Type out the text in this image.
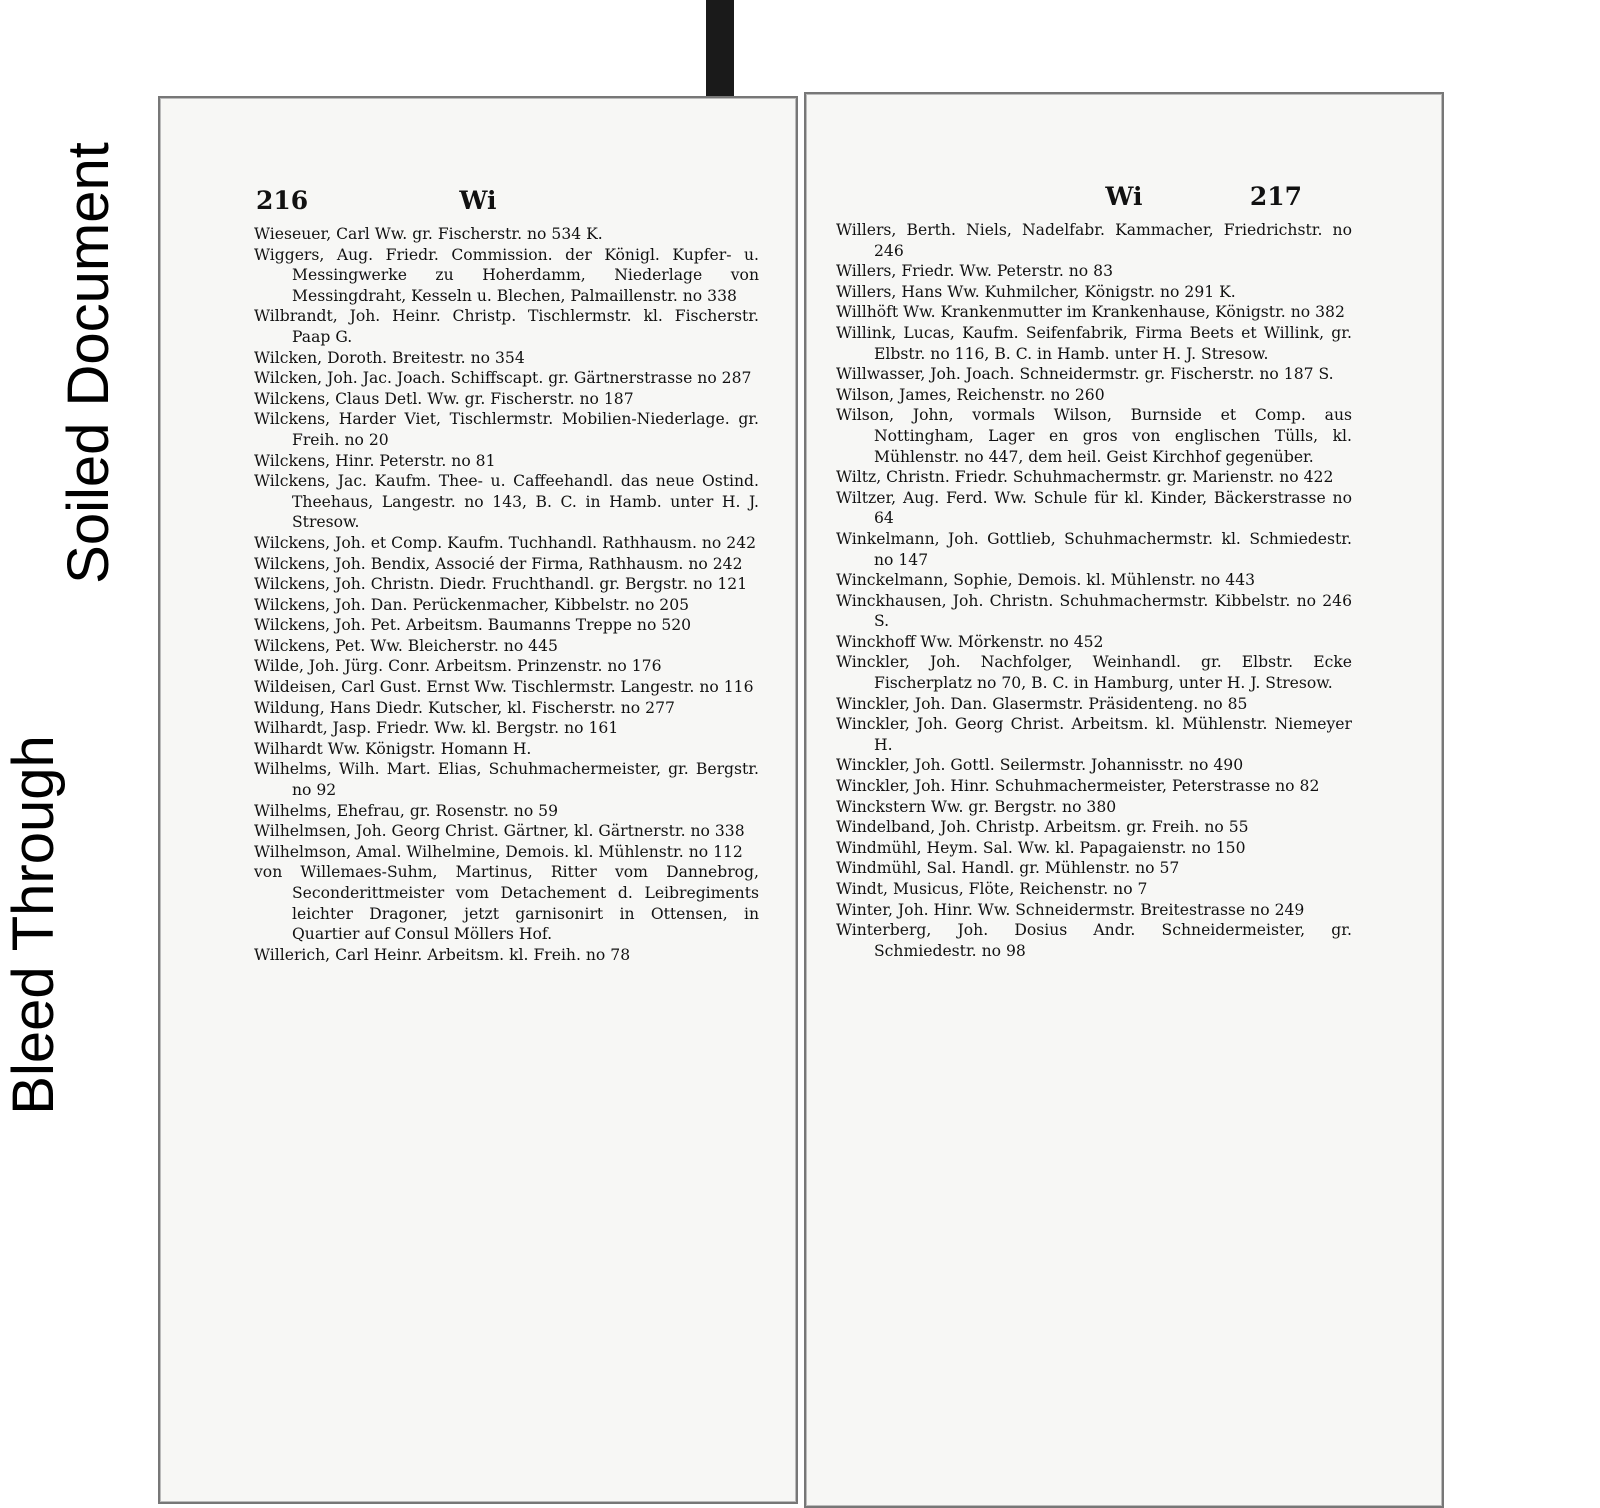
Soiled Document
Bleed Through
Wi
216

Wieseuer, Carl Ww. gr. Fischerstr. no 534 K.

Wiggers, Aug. Friedr. Commission. der Königl. Kupfer- u. Messingwerke zu Hoherdamm, Niederlage von Messingdraht, Kesseln u. Blechen, Palmaillenstr. no 338

Wilbrandt, Joh. Heinr. Christp. Tischlermstr. kl. Fischerstr. Paap G.

Wilcken, Doroth. Breitestr. no 354

Wilcken, Joh. Jac. Joach. Schiffscapt. gr. Gärtnerstrasse no 287

Wilckens, Claus Detl. Ww. gr. Fischerstr. no 187

Wilckens, Harder Viet, Tischlermstr. Mobilien-Niederlage. gr. Freih. no 20

Wilckens, Hinr. Peterstr. no 81

Wilckens, Jac. Kaufm. Thee- u. Caffeehandl. das neue Ostind. Theehaus, Langestr. no 143, B. C. in Hamb. unter H. J. Stresow.

Wilckens, Joh. et Comp. Kaufm. Tuchhandl. Rathhausm. no 242

Wilckens, Joh. Bendix, Associé der Firma, Rathhausm. no 242

Wilckens, Joh. Christn. Diedr. Fruchthandl. gr. Bergstr. no 121

Wilckens, Joh. Dan. Perückenmacher, Kibbelstr. no 205

Wilckens, Joh. Pet. Arbeitsm. Baumanns Treppe no 520

Wilckens, Pet. Ww. Bleicherstr. no 445

Wilde, Joh. Jürg. Conr. Arbeitsm. Prinzenstr. no 176

Wildeisen, Carl Gust. Ernst Ww. Tischlermstr. Langestr. no 116

Wildung, Hans Diedr. Kutscher, kl. Fischerstr. no 277

Wilhardt, Jasp. Friedr. Ww. kl. Bergstr. no 161

Wilhardt Ww. Königstr. Homann H.

Wilhelms, Wilh. Mart. Elias, Schuhmachermeister, gr. Bergstr. no 92

Wilhelms, Ehefrau, gr. Rosenstr. no 59

Wilhelmsen, Joh. Georg Christ. Gärtner, kl. Gärtnerstr. no 338

Wilhelmson, Amal. Wilhelmine, Demois. kl. Mühlenstr. no 112

von Willemaes-Suhm, Martinus, Ritter vom Dannebrog, Seconderittmeister vom Detachement d. Leibregiments leichter Dragoner, jetzt garnisonirt in Ottensen, in Quartier auf Consul Möllers Hof.

Willerich, Carl Heinr. Arbeitsm. kl. Freih. no 78

Wi	217

Willers, Berth. Niels, Nadelfabr. Kammacher, Friedrichstr. no 246

Willers, Friedr. Ww. Peterstr. no 83

Willers, Hans Ww. Kuhmilcher, Königstr. no 291 K.

Willhöft Ww. Krankenmutter im Krankenhause, Königstr. no 382

Willink, Lucas, Kaufm. Seifenfabrik, Firma Beets et Willink, gr. Elbstr. no 116, B. C. in Hamb. unter H. J. Stresow.

Willwasser, Joh. Joach. Schneidermstr. gr. Fischerstr. no 187 S.

Wilson, James, Reichenstr. no 260

Wilson, John, vormals Wilson, Burnside et Comp. aus Nottingham, Lager en gros von englischen Tülls, kl. Mühlenstr. no 447, dem heil. Geist Kirchhof gegenüber.

Wiltz, Christn. Friedr. Schuhmachermstr. gr. Marienstr. no 422

Wiltzer, Aug. Ferd. Ww. Schule für kl. Kinder, Bäckerstrasse no 64

Winkelmann, Joh. Gottlieb, Schuhmachermstr. kl. Schmiedestr. no 147

Winckelmann, Sophie, Demois. kl. Mühlenstr. no 443

Winckhausen, Joh. Christn. Schuhmachermstr. Kibbelstr. no 246 S.

Winckhoff Ww. Mörkenstr. no 452

Winckler, Joh. Nachfolger, Weinhandl. gr. Elbstr. Ecke Fischerplatz no 70, B. C. in Hamburg, unter H. J. Stresow.

Winckler, Joh. Dan. Glasermstr. Präsidenteng. no 85

Winckler, Joh. Georg Christ. Arbeitsm. kl. Mühlenstr. Niemeyer H.

Winckler, Joh. Gottl. Seilermstr. Johannisstr. no 490

Winckler, Joh. Hinr. Schuhmachermeister, Peterstrasse no 82

Winckstern Ww. gr. Bergstr. no 380

Windelband, Joh. Christp. Arbeitsm. gr. Freih. no 55

Windmühl, Heym. Sal. Ww. kl. Papagaienstr. no 150

Windmühl, Sal. Handl. gr. Mühlenstr. no 57

Windt, Musicus, Flöte, Reichenstr. no 7

Winter, Joh. Hinr. Ww. Schneidermstr. Breitestrasse no 249

Winterberg, Joh. Dosius Andr. Schneidermeister, gr. Schmiedestr. no 98
